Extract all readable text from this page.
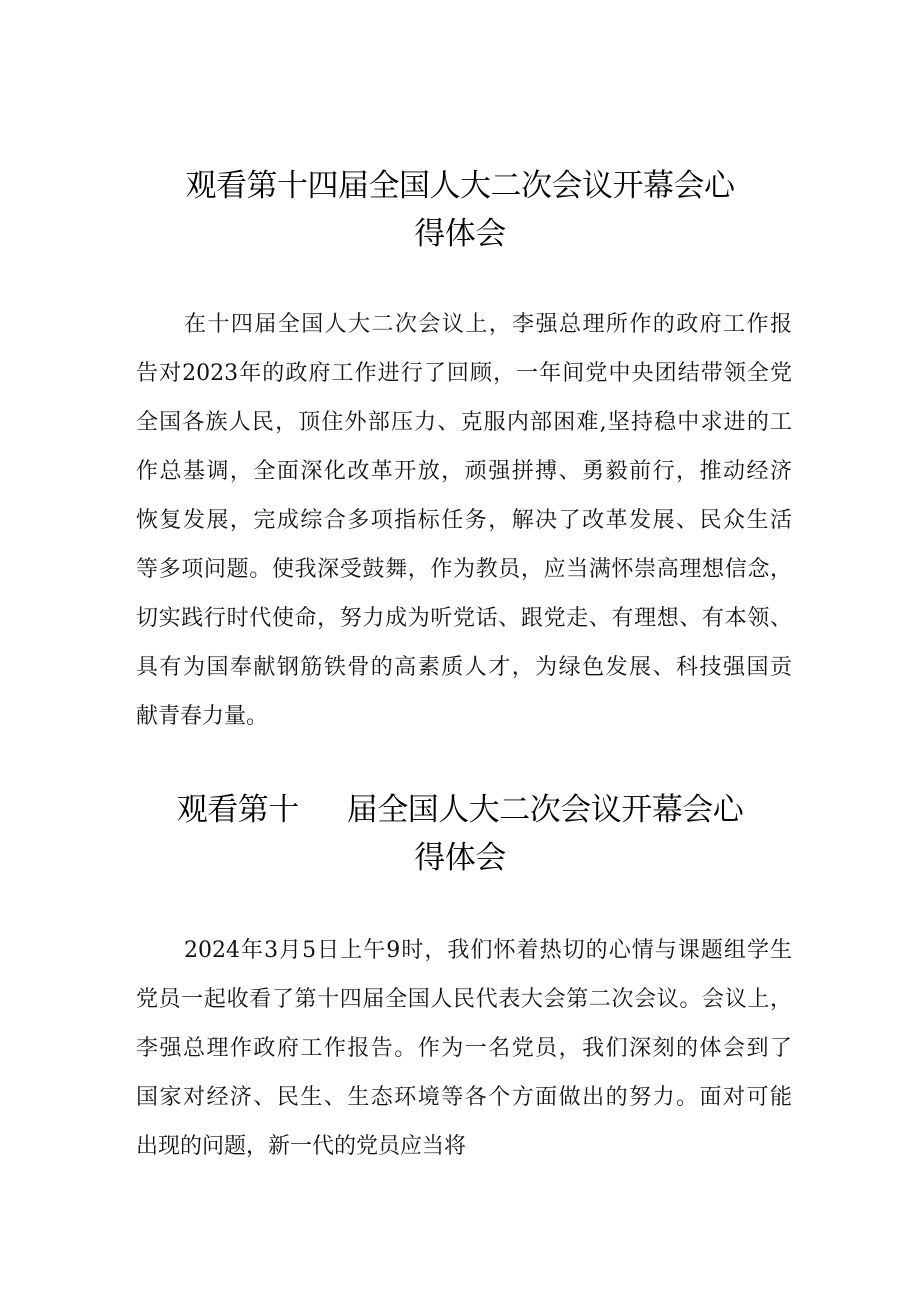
观看第十四届全国人大二次会议开幕会心
得体会
在十四届全国人大二次会议上，李强总理所作的政府工作报
告对2023年的政府工作进行了回顾，一年间党中央团结带领全党
全国各族人民，顶住外部压力、克服内部困难,坚持稳中求进的工
作总基调，全面深化改革开放，顽强拼搏、勇毅前行，推动经济
恢复发展，完成综合多项指标任务，解决了改革发展、民众生活
等多项问题。使我深受鼓舞，作为教员，应当满怀崇高理想信念，
切实践行时代使命，努力成为听党话、跟党走、有理想、有本领、
具有为国奉献钢筋铁骨的高素质人才，为绿色发展、科技强国贡
献青春力量。
观看第十 届全国人大二次会议开幕会心
得体会
2024年3月5日上午9时，我们怀着热切的心情与课题组学生
党员一起收看了第十四届全国人民代表大会第二次会议。会议上，
李强总理作政府工作报告。作为一名党员，我们深刻的体会到了
国家对经济、民生、生态环境等各个方面做出的努力。面对可能
出现的问题，新一代的党员应当将
